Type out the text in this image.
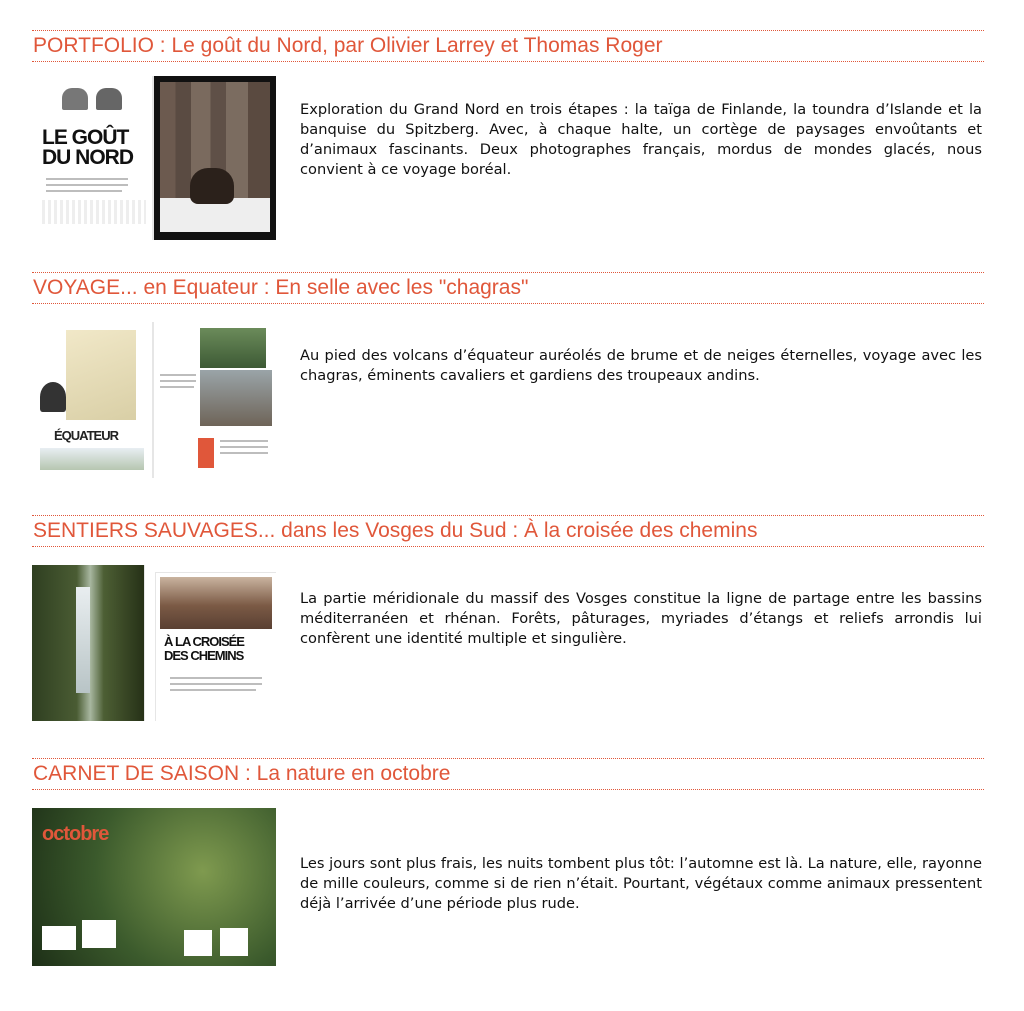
PORTFOLIO : Le goût du Nord, par Olivier Larrey et Thomas Roger
LE GOÛT DU NORD

Exploration du Grand Nord en trois étapes : la taïga de Finlande, la toundra d’Islande et la banquise du Spitzberg. Avec, à chaque halte, un cortège de paysages envoûtants et d’animaux fascinants. Deux photographes français, mordus de mondes glacés, nous convient à ce voyage boréal.

VOYAGE... en Equateur : En selle avec les "chagras"
ÉQUATEUR

Au pied des volcans d’équateur auréolés de brume et de neiges éternelles, voyage avec les chagras, éminents cavaliers et gardiens des troupeaux andins.

SENTIERS SAUVAGES... dans les Vosges du Sud : À la croisée des chemins
À LA CROISÉE DES CHEMINS

La partie méridionale du massif des Vosges constitue la ligne de partage entre les bassins méditerranéen et rhénan. Forêts, pâturages, myriades d’étangs et reliefs arrondis lui confèrent une identité multiple et singulière.

CARNET DE SAISON : La nature en octobre
octobre

Les jours sont plus frais, les nuits tombent plus tôt: l’automne est là. La nature, elle, rayonne de mille couleurs, comme si de rien n’était. Pourtant, végétaux comme animaux pressentent déjà l’arrivée d’une période plus rude.
